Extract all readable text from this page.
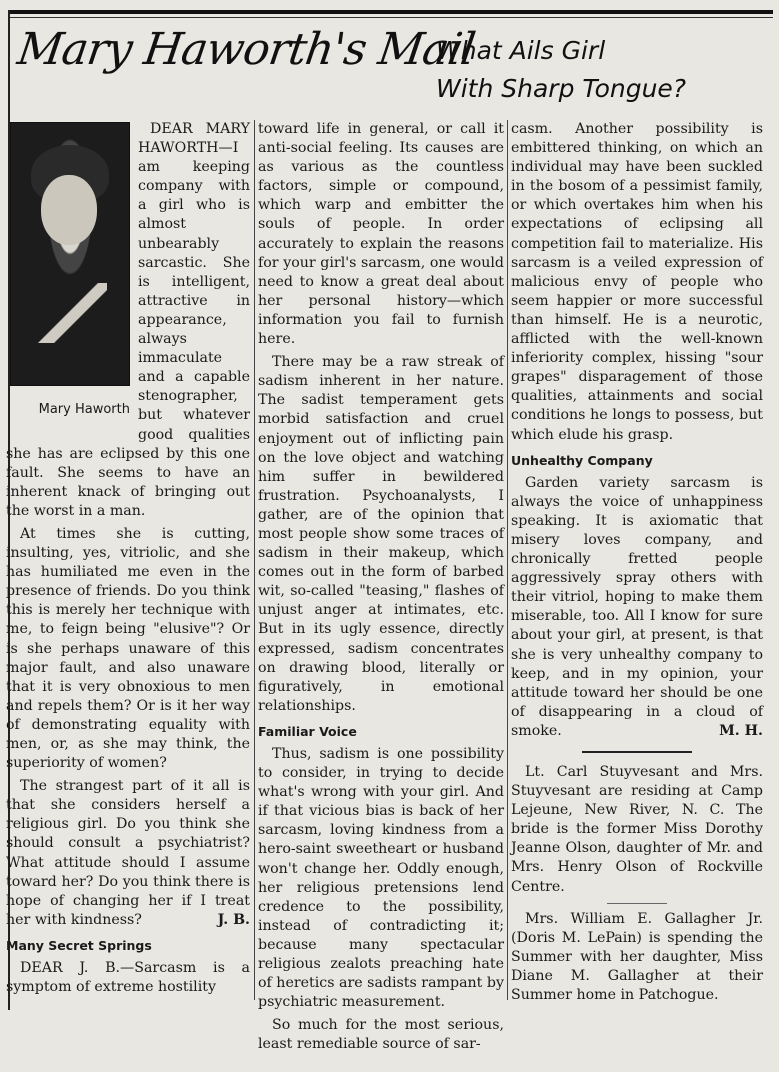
Mary Haworth's Mail
What Ails Girl
With Sharp Tongue?
Mary Haworth

DEAR MARY HAWORTH—I am keeping company with a girl who is almost unbearably sarcastic. She is intelligent, attractive in appearance, always immaculate and a capable stenographer, but whatever good qualities she has are eclipsed by this one fault. She seems to have an inherent knack of bringing out the worst in a man.

At times she is cutting, insulting, yes, vitriolic, and she has humiliated me even in the presence of friends. Do you think this is merely her technique with me, to feign being "elusive"? Or is she perhaps unaware of this major fault, and also unaware that it is very obnoxious to men and repels them? Or is it her way of demonstrating equality with men, or, as she may think, the superiority of women?

The strangest part of it all is that she considers herself a religious girl. Do you think she should consult a psychiatrist? What attitude should I assume toward her? Do you think there is hope of changing her if I treat her with kindness?	J. B.

Many Secret Springs

DEAR J. B.—Sarcasm is a symptom of extreme hostility

toward life in general, or call it anti-social feeling. Its causes are as various as the countless factors, simple or compound, which warp and embitter the souls of people. In order accurately to explain the reasons for your girl's sarcasm, one would need to know a great deal about her personal history—which information you fail to furnish here.

There may be a raw streak of sadism inherent in her nature. The sadist temperament gets morbid satisfaction and cruel enjoyment out of inflicting pain on the love object and watching him suffer in bewildered frustration. Psychoanalysts, I gather, are of the opinion that most people show some traces of sadism in their makeup, which comes out in the form of barbed wit, so-called "teasing," flashes of unjust anger at intimates, etc. But in its ugly essence, directly expressed, sadism concentrates on drawing blood, literally or figuratively, in emotional relationships.

Familiar Voice

Thus, sadism is one possibility to consider, in trying to decide what's wrong with your girl. And if that vicious bias is back of her sarcasm, loving kindness from a hero-saint sweetheart or husband won't change her. Oddly enough, her religious pretensions lend credence to the possibility, instead of contradicting it; because many spectacular religious zealots preaching hate of heretics are sadists rampant by psychiatric measurement.

So much for the most serious, least remediable source of sar-

casm. Another possibility is embittered thinking, on which an individual may have been suckled in the bosom of a pessimist family, or which overtakes him when his expectations of eclipsing all competition fail to materialize. His sarcasm is a veiled expression of malicious envy of people who seem happier or more successful than himself. He is a neurotic, afflicted with the well-known inferiority complex, hissing "sour grapes" disparagement of those qualities, attainments and social conditions he longs to possess, but which elude his grasp.

Unhealthy Company

Garden variety sarcasm is always the voice of unhappiness speaking. It is axiomatic that misery loves company, and chronically fretted people aggressively spray others with their vitriol, hoping to make them miserable, too. All I know for sure about your girl, at present, is that she is very unhealthy company to keep, and in my opinion, your attitude toward her should be one of disappearing in a cloud of smoke.	M. H.

Lt. Carl Stuyvesant and Mrs. Stuyvesant are residing at Camp Lejeune, New River, N. C. The bride is the former Miss Dorothy Jeanne Olson, daughter of Mr. and Mrs. Henry Olson of Rockville Centre.

Mrs. William E. Gallagher Jr. (Doris M. LePain) is spending the Summer with her daughter, Miss Diane M. Gallagher at their Summer home in Patchogue.
